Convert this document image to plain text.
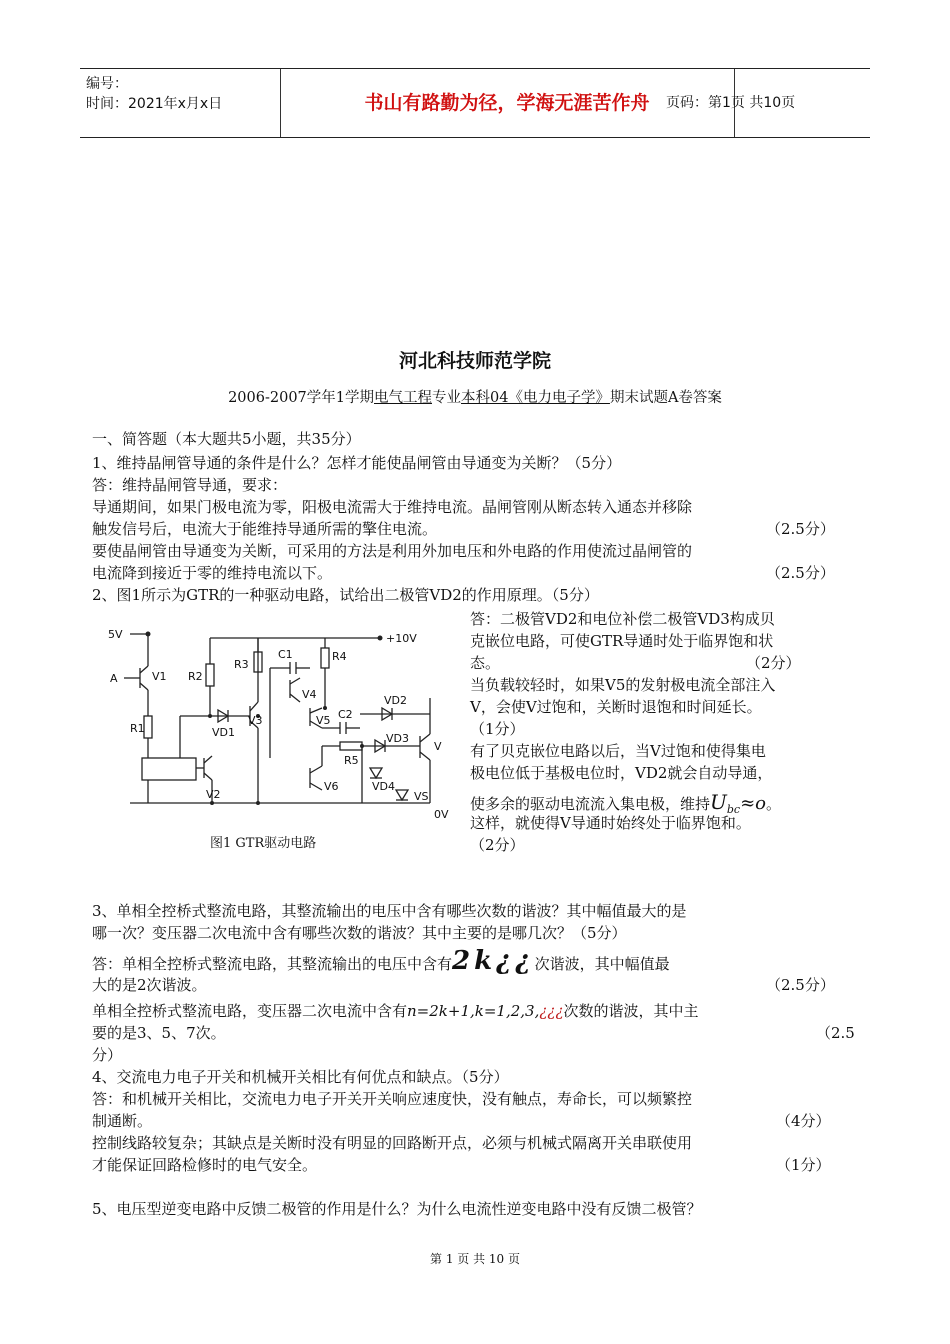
编号：
时间：2021年x月x日	书山有路勤为径，学海无涯苦作舟	页码：第1页 共10页
河北科技师范学院
2006-2007学年1学期电气工程专业本科04《电力电子学》期末试题A卷答案
一、简答题（本大题共5小题，共35分）
1、维持晶闸管导通的条件是什么？怎样才能使晶闸管由导通变为关断？（5分）
答：维持晶闸管导通，要求：
导通期间，如果门极电流为零，阳极电流需大于维持电流。晶闸管刚从断态转入通态并移除
触发信号后，电流大于能维持导通所需的擎住电流。	（2.5分）
要使晶闸管由导通变为关断，可采用的方法是利用外加电压和外电路的作用使流过晶闸管的
电流降到接近于零的维持电流以下。	（2.5分）
2、图1所示为GTR的一种驱动电路，试给出二极管VD2的作用原理。（5分）
5V	+10V
A	V1
R1
R2
R3
C1	R4
VD1
V3
V4
V5 C2
VD2
R5
VD3
VD4
VS
V2
V6
V
0V
图1 GTR驱动电路
答：二极管VD2和电位补偿二极管VD3构成贝
克嵌位电路，可使GTR导通时处于临界饱和状
态。	（2分）
当负载较轻时，如果V5的发射极电流全部注入
V，会使V过饱和，关断时退饱和时间延长。
（1分）
有了贝克嵌位电路以后，当V过饱和使得集电
极电位低于基极电位时，VD2就会自动导通，
使多余的驱动电流流入集电极，维持$U_{bc}\approx o$。
这样，就使得V导通时始终处于临界饱和。
（2分）
3、单相全控桥式整流电路，其整流输出的电压中含有哪些次数的谐波？其中幅值最大的是
哪一次？变压器二次电流中含有哪些次数的谐波？其中主要的是哪几次？（5分）
答：单相全控桥式整流电路，其整流输出的电压中含有2k¿¿次谐波，其中幅值最
大的是2次谐波。	（2.5分）
单相全控桥式整流电路，变压器二次电流中含有n=2k+1,k=1,2,3,¿¿¿次数的谐波，其中主
要的是3、5、7次。	（2.5
分）
4、交流电力电子开关和机械开关相比有何优点和缺点。（5分）
答：和机械开关相比，交流电力电子开关开关响应速度快，没有触点，寿命长，可以频繁控
制通断。	（4分）
控制线路较复杂；其缺点是关断时没有明显的回路断开点，必须与机械式隔离开关串联使用
才能保证回路检修时的电气安全。	（1分）
5、电压型逆变电路中反馈二极管的作用是什么？为什么电流性逆变电路中没有反馈二极管？
第 1 页 共 10 页
